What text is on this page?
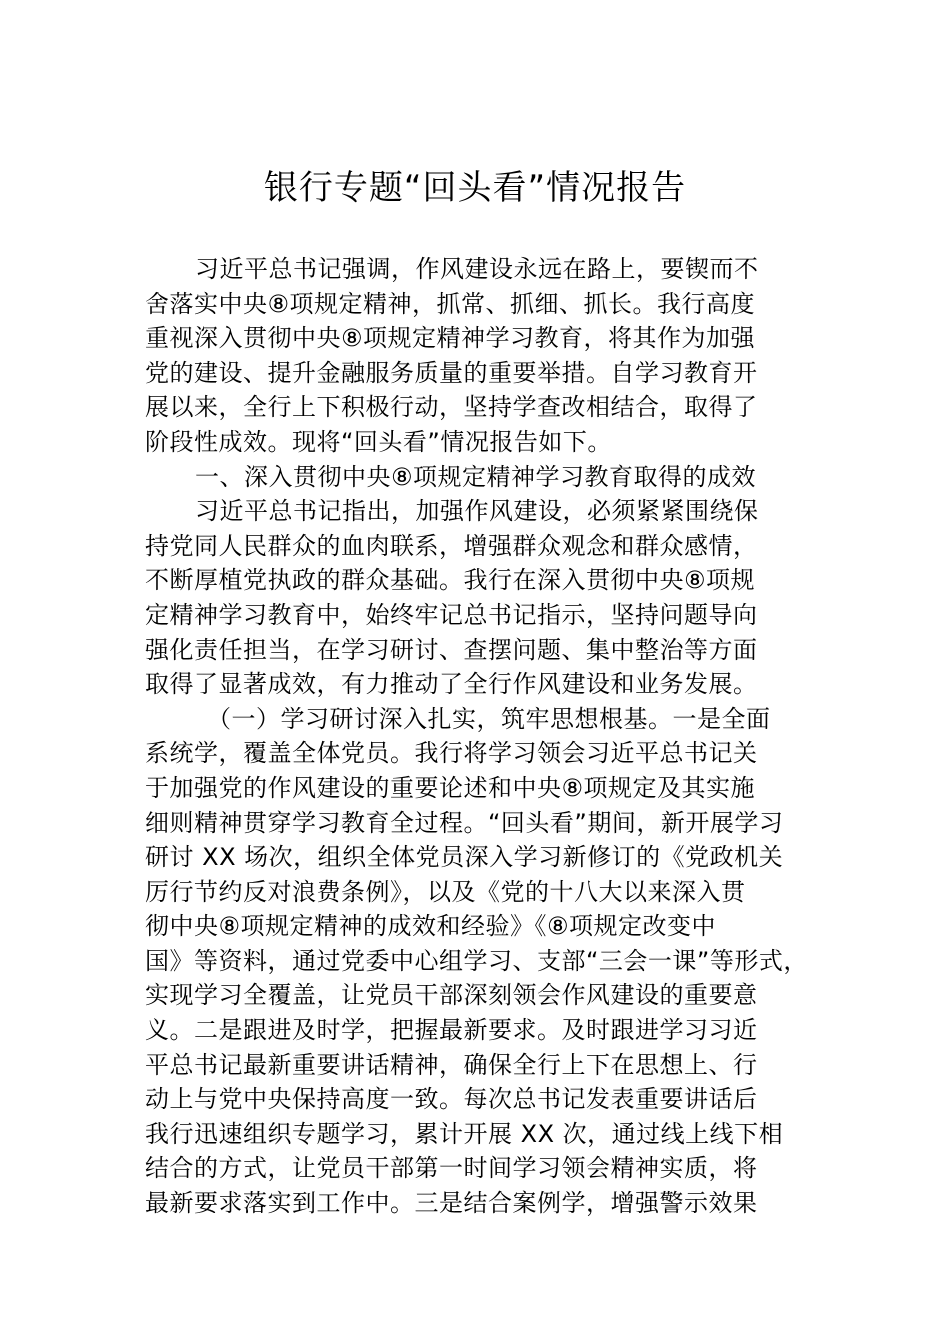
银行专题“回头看”情况报告
习近平总书记强调，作风建设永远在路上，要锲而不
舍落实中央⑧项规定精神，抓常、抓细、抓长。我行高度
重视深入贯彻中央⑧项规定精神学习教育，将其作为加强
党的建设、提升金融服务质量的重要举措。自学习教育开
展以来，全行上下积极行动，坚持学查改相结合，取得了
阶段性成效。现将“回头看”情况报告如下。
一、深入贯彻中央⑧项规定精神学习教育取得的成效
习近平总书记指出，加强作风建设，必须紧紧围绕保
持党同人民群众的血肉联系，增强群众观念和群众感情，
不断厚植党执政的群众基础。我行在深入贯彻中央⑧项规
定精神学习教育中，始终牢记总书记指示，坚持问题导向
强化责任担当，在学习研讨、查摆问题、集中整治等方面
取得了显著成效，有力推动了全行作风建设和业务发展。
（一）学习研讨深入扎实，筑牢思想根基。一是全面
系统学，覆盖全体党员。我行将学习领会习近平总书记关
于加强党的作风建设的重要论述和中央⑧项规定及其实施
细则精神贯穿学习教育全过程。“回头看”期间，新开展学习
研讨 XX 场次，组织全体党员深入学习新修订的《党政机关
厉行节约反对浪费条例》，以及《党的十八大以来深入贯
彻中央⑧项规定精神的成效和经验》《⑧项规定改变中
国》等资料，通过党委中心组学习、支部“三会一课”等形式，
实现学习全覆盖，让党员干部深刻领会作风建设的重要意
义。二是跟进及时学，把握最新要求。及时跟进学习习近
平总书记最新重要讲话精神，确保全行上下在思想上、行
动上与党中央保持高度一致。每次总书记发表重要讲话后
我行迅速组织专题学习，累计开展 XX 次，通过线上线下相
结合的方式，让党员干部第一时间学习领会精神实质，将
最新要求落实到工作中。三是结合案例学，增强警示效果
